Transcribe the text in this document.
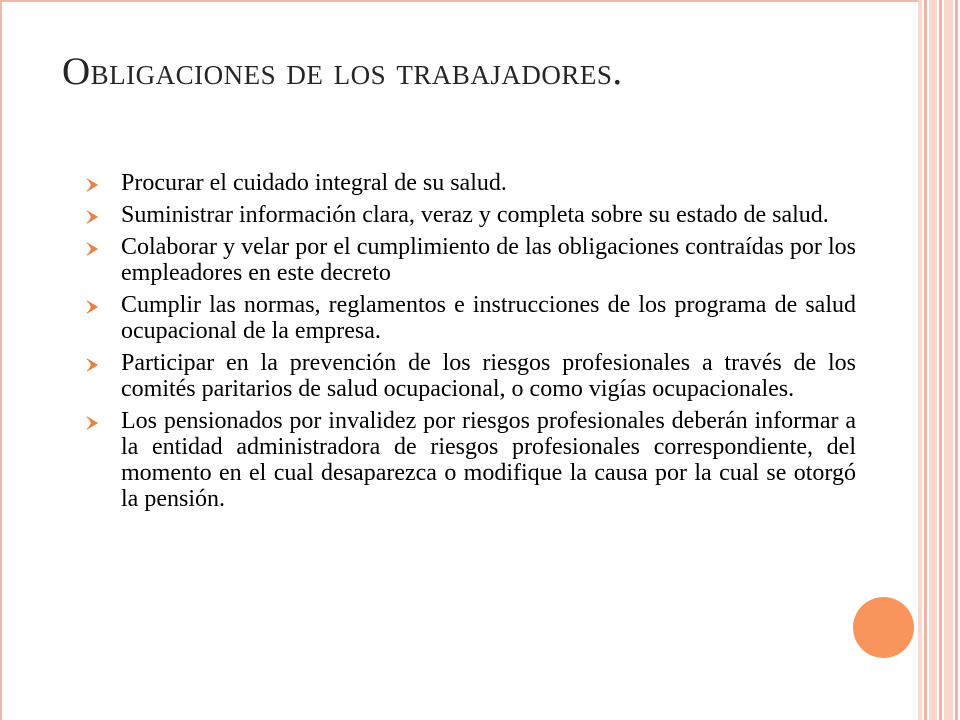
Obligaciones de los trabajadores.
Procurar el cuidado integral de su salud.
Suministrar información clara, veraz y completa sobre su estado de salud.
Colaborar y velar por el cumplimiento de las obligaciones contraídas por los empleadores en este decreto
Cumplir las normas, reglamentos e instrucciones de los programa de salud ocupacional de la empresa.
Participar en la prevención de los riesgos profesionales a través de los comités paritarios de salud ocupacional, o como vigías ocupacionales.
Los pensionados por invalidez por riesgos profesionales deberán informar a la entidad administradora de riesgos profesionales correspondiente, del momento en el cual desaparezca o modifique la causa por la cual se otorgó la pensión.
